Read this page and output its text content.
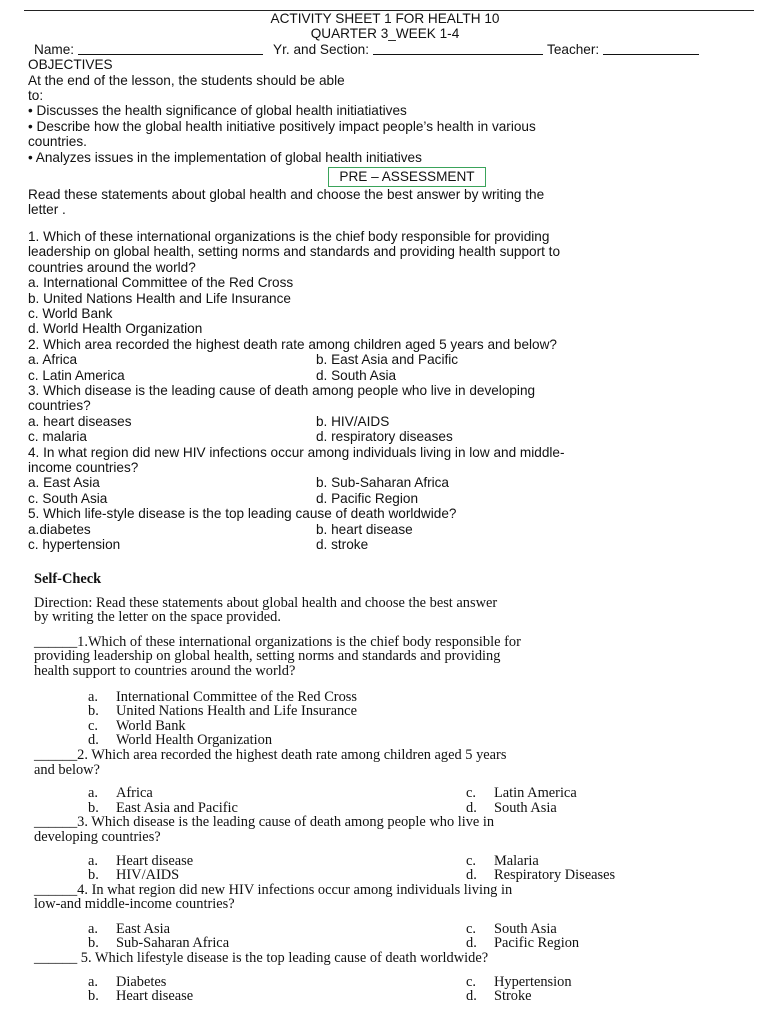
ACTIVITY SHEET 1 FOR HEALTH 10
QUARTER 3_WEEK 1-4
Name:	Yr. and Section:	Teacher:
OBJECTIVES
At the end of the lesson, the students should be able
to:
• Discusses the health significance of global health initiatiatives
• Describe how the global health initiative positively impact people’s health in various
countries.
• Analyzes issues in the implementation of global health initiatives
PRE – ASSESSMENT
Read these statements about global health and choose the best answer by writing the
letter .
1. Which of these international organizations is the chief body responsible for providing
leadership on global health, setting norms and standards and providing health support to
countries around the world?
a. International Committee of the Red Cross
b. United Nations Health and Life Insurance
c. World Bank
d. World Health Organization
2. Which area recorded the highest death rate among children aged 5 years and below?
a. Africa	b. East Asia and Pacific
c. Latin America	d. South Asia
3. Which disease is the leading cause of death among people who live in developing
countries?
a. heart diseases	b. HIV/AIDS
c. malaria	d. respiratory diseases
4. In what region did new HIV infections occur among individuals living in low and middle-
income countries?
a. East Asia	b. Sub-Saharan Africa
c. South Asia	d. Pacific Region
5. Which life-style disease is the top leading cause of death worldwide?
a.diabetes	b. heart disease
c. hypertension	d. stroke
Self-Check
Direction: Read these statements about global health and choose the best answer
by writing the letter on the space provided.
______1.Which of these international organizations is the chief body responsible for
providing leadership on global health, setting norms and standards and providing
health support to countries around the world?
a. International Committee of the Red Cross
b. United Nations Health and Life Insurance
c. World Bank
d. World Health Organization
______2. Which area recorded the highest death rate among children aged 5 years
and below?
a. Africa	c. Latin America
b. East Asia and Pacific	d. South Asia
______3. Which disease is the leading cause of death among people who live in
developing countries?
a. Heart disease	c. Malaria
b. HIV/AIDS	d. Respiratory Diseases
______4. In what region did new HIV infections occur among individuals living in
low-and middle-income countries?
a. East Asia	c. South Asia
b. Sub-Saharan Africa	d. Pacific Region
______ 5. Which lifestyle disease is the top leading cause of death worldwide?
a. Diabetes	c. Hypertension
b. Heart disease	d. Stroke
